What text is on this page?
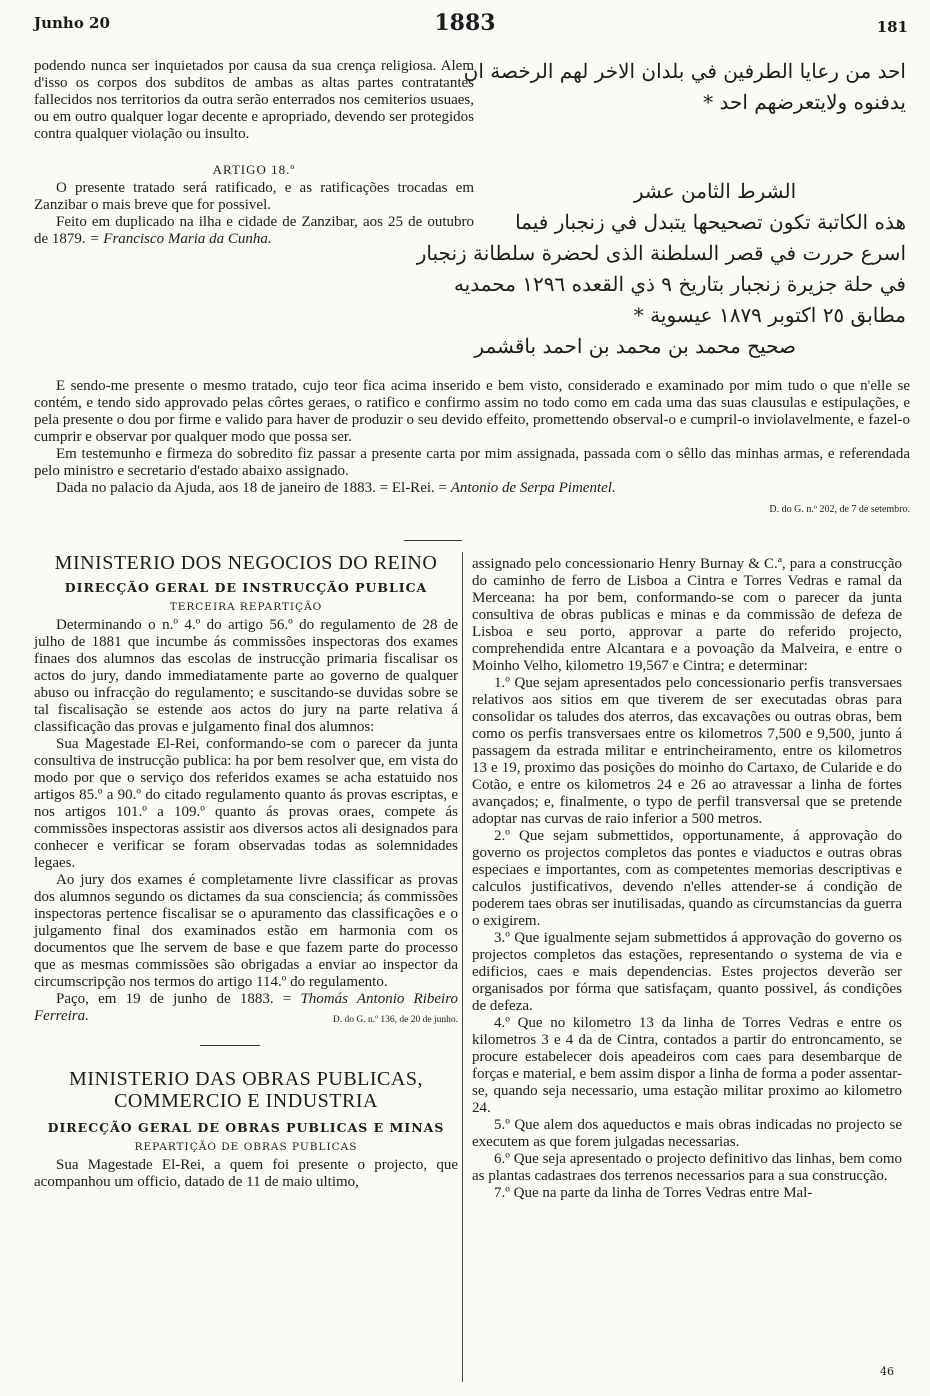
Junho 20	1883	181

podendo nunca ser inquietados por causa da sua crença religiosa. Alem d'isso os corpos dos subditos de ambas as altas partes contratantes fallecidos nos territorios da outra serão enterrados nos cemiterios usuaes, ou em outro qualquer logar decente e apropriado, devendo ser protegidos contra qualquer violação ou insulto.

ARTIGO 18.º

O presente tratado será ratificado, e as ratificações trocadas em Zanzibar o mais breve que for possivel.

Feito em duplicado na ilha e cidade de Zanzibar, aos 25 de outubro de 1879. = Francisco Maria da Cunha.

احد من رعايا الطرفين في بلدان الاخر لهم الرخصة ان
يدفنوه ولايتعرضهم احد *
الشرط الثامن عشر
هذه الكاتبة تكون تصحيحها يتبدل في زنجبار فيما
اسرع حررت في قصر السلطنة الذى لحضرة سلطانة زنجبار
في حلة جزيرة زنجبار بتاريخ ٩ ذي القعده ١٢٩٦ محمديه
مطابق ٢٥ اكتوبر ١٨٧٩ عيسوية *
صحيح محمد بن محمد بن احمد باقشمر

E sendo-me presente o mesmo tratado, cujo teor fica acima inserido e bem visto, considerado e examinado por mim tudo o que n'elle se contém, e tendo sido approvado pelas côrtes geraes, o ratifico e confirmo assim no todo como em cada uma das suas clausulas e estipulações, e pela presente o dou por firme e valido para haver de produzir o seu devido effeito, promettendo observal-o e cumpril-o inviolavelmente, e fazel-o cumprir e observar por qualquer modo que possa ser.

Em testemunho e firmeza do sobredito fiz passar a presente carta por mim assignada, passada com o sêllo das minhas armas, e referendada pelo ministro e secretario d'estado abaixo assignado.

Dada no palacio da Ajuda, aos 18 de janeiro de 1883. = El-Rei. = Antonio de Serpa Pimentel.

D. do G. n.º 202, de 7 de setembro.
MINISTERIO DOS NEGOCIOS DO REINO
DIRECÇÃO GERAL DE INSTRUCÇÃO PUBLICA
TERCEIRA REPARTIÇÃO

Determinando o n.º 4.º do artigo 56.º do regulamento de 28 de julho de 1881 que incumbe ás commissões inspectoras dos exames finaes dos alumnos das escolas de instrucção primaria fiscalisar os actos do jury, dando immediatamente parte ao governo de qualquer abuso ou infracção do regulamento; e suscitando-se duvidas sobre se tal fiscalisação se estende aos actos do jury na parte relativa á classificação das provas e julgamento final dos alumnos:

Sua Magestade El-Rei, conformando-se com o parecer da junta consultiva de instrucção publica: ha por bem resolver que, em vista do modo por que o serviço dos referidos exames se acha estatuido nos artigos 85.º a 90.º do citado regulamento quanto ás provas escriptas, e nos artigos 101.º a 109.º quanto ás provas oraes, compete ás commissões inspectoras assistir aos diversos actos ali designados para conhecer e verificar se foram observadas todas as solemnidades legaes.

Ao jury dos exames é completamente livre classificar as provas dos alumnos segundo os dictames da sua consciencia; ás commissões inspectoras pertence fiscalisar se o apuramento das classificações e o julgamento final dos examinados estão em harmonia com os documentos que lhe servem de base e que fazem parte do processo que as mesmas commissões são obrigadas a enviar ao inspector da circumscripção nos termos do artigo 114.º do regulamento.

Paço, em 19 de junho de 1883. = Thomás Antonio Ribeiro Ferreira.	D. do G. n.º 136, de 20 de junho.

MINISTERIO DAS OBRAS PUBLICAS, COMMERCIO E INDUSTRIA
DIRECÇÃO GERAL DE OBRAS PUBLICAS E MINAS
REPARTIÇÃO DE OBRAS PUBLICAS

Sua Magestade El-Rei, a quem foi presente o projecto, que acompanhou um officio, datado de 11 de maio ultimo,

assignado pelo concessionario Henry Burnay & C.ª, para a construcção do caminho de ferro de Lisboa a Cintra e Torres Vedras e ramal da Merceana: ha por bem, conformando-se com o parecer da junta consultiva de obras publicas e minas e da commissão de defeza de Lisboa e seu porto, approvar a parte do referido projecto, comprehendida entre Alcantara e a povoação da Malveira, e entre o Moinho Velho, kilometro 19,567 e Cintra; e determinar:

1.º Que sejam apresentados pelo concessionario perfis transversaes relativos aos sitios em que tiverem de ser executadas obras para consolidar os taludes dos aterros, das excavações ou outras obras, bem como os perfis transversaes entre os kilometros 7,500 e 9,500, junto á passagem da estrada militar e entrincheiramento, entre os kilometros 13 e 19, proximo das posições do moinho do Cartaxo, de Cularide e do Cotão, e entre os kilometros 24 e 26 ao atravessar a linha de fortes avançados; e, finalmente, o typo de perfil transversal que se pretende adoptar nas curvas de raio inferior a 500 metros.

2.º Que sejam submettidos, opportunamente, á approvação do governo os projectos completos das pontes e viaductos e outras obras especiaes e importantes, com as competentes memorias descriptivas e calculos justificativos, devendo n'elles attender-se á condição de poderem taes obras ser inutilisadas, quando as circumstancias da guerra o exigirem.

3.º Que igualmente sejam submettidos á approvação do governo os projectos completos das estações, representando o systema de via e edificios, caes e mais dependencias. Estes projectos deverão ser organisados por fórma que satisfaçam, quanto possivel, ás condições de defeza.

4.º Que no kilometro 13 da linha de Torres Vedras e entre os kilometros 3 e 4 da de Cintra, contados a partir do entroncamento, se procure estabelecer dois apeadeiros com caes para desembarque de forças e material, e bem assim dispor a linha de forma a poder assentar-se, quando seja necessario, uma estação militar proximo ao kilometro 24.

5.º Que alem dos aqueductos e mais obras indicadas no projecto se executem as que forem julgadas necessarias.

6.º Que seja apresentado o projecto definitivo das linhas, bem como as plantas cadastraes dos terrenos necessarios para a sua construcção.

7.º Que na parte da linha de Torres Vedras entre Mal-

46
